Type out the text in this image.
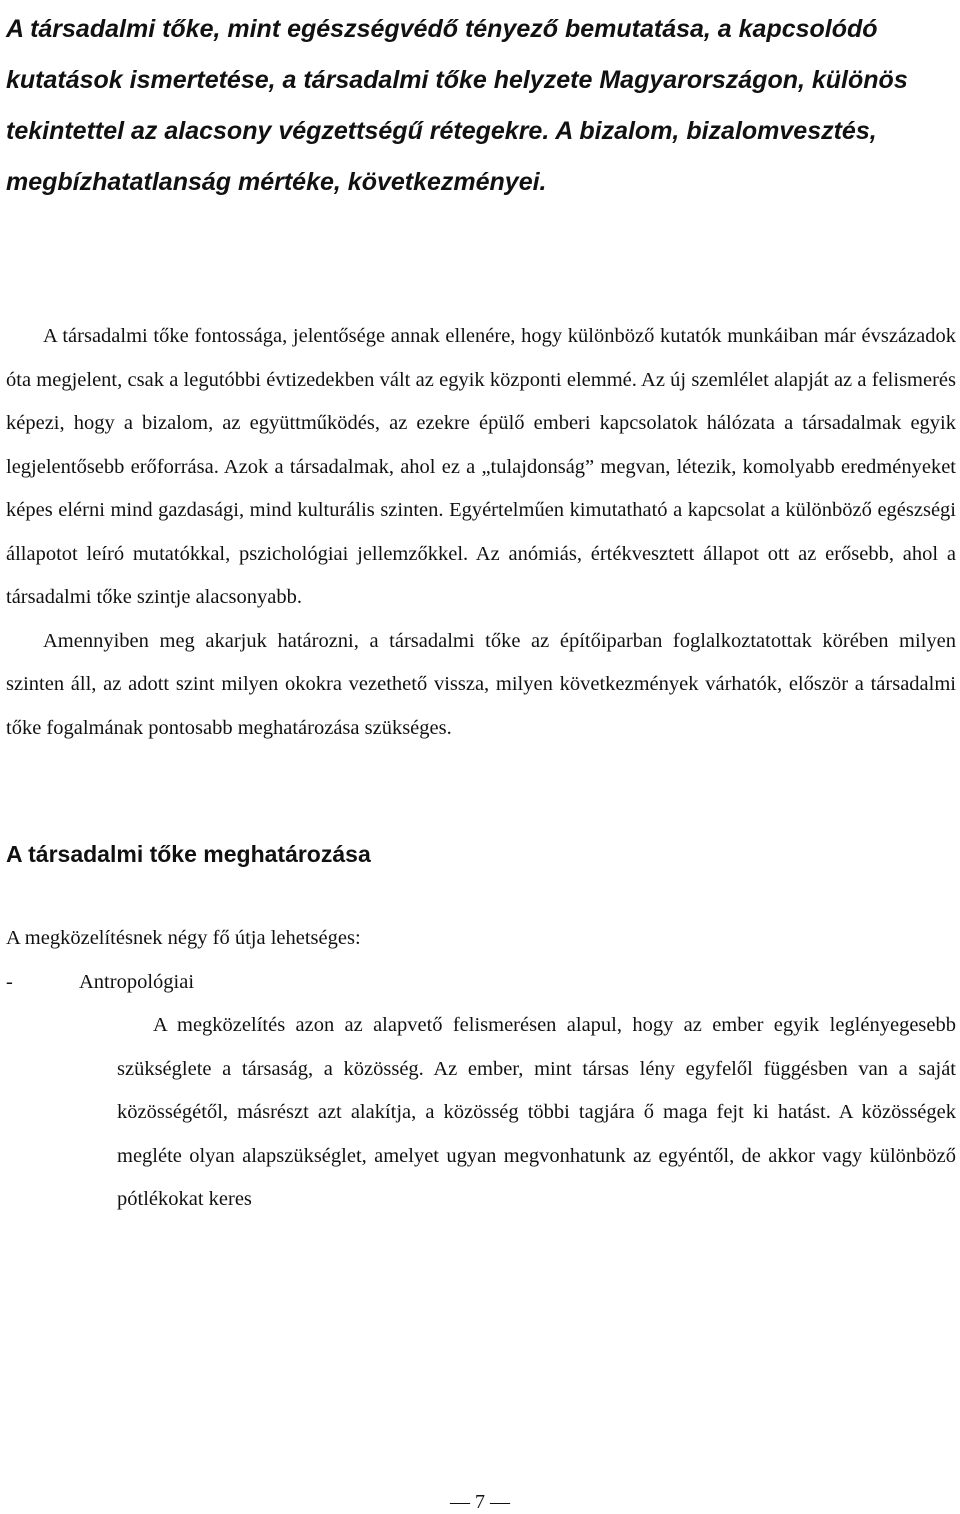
A társadalmi tőke, mint egészségvédő tényező bemutatása, a kapcsolódó kutatások ismertetése, a társadalmi tőke helyzete Magyarországon, különös tekintettel az alacsony végzettségű rétegekre. A bizalom, bizalomvesztés, megbízhatatlanság mértéke, következményei.

A társadalmi tőke fontossága, jelentősége annak ellenére, hogy különböző kutatók munkáiban már évszázadok óta megjelent, csak a legutóbbi évtizedekben vált az egyik központi elemmé. Az új szemlélet alapját az a felismerés képezi, hogy a bizalom, az együttműködés, az ezekre épülő emberi kapcsolatok hálózata a társadalmak egyik legjelentősebb erőforrása. Azok a társadalmak, ahol ez a „tulajdonság” megvan, létezik, komolyabb eredményeket képes elérni mind gazdasági, mind kulturális szinten. Egyértelműen kimutatható a kapcsolat a különböző egészségi állapotot leíró mutatókkal, pszichológiai jellemzőkkel. Az anómiás, értékvesztett állapot ott az erősebb, ahol a társadalmi tőke szintje alacsonyabb.

Amennyiben meg akarjuk határozni, a társadalmi tőke az építőiparban foglalkoztatottak körében milyen szinten áll, az adott szint milyen okokra vezethető vissza, milyen következmények várhatók, először a társadalmi tőke fogalmának pontosabb meghatározása szükséges.

A társadalmi tőke meghatározása

A megközelítésnek négy fő útja lehetséges:

-	Antropológiai

A megközelítés azon az alapvető felismerésen alapul, hogy az ember egyik leglényegesebb szükséglete a társaság, a közösség. Az ember, mint társas lény egyfelől függésben van a saját közösségétől, másrészt azt alakítja, a közösség többi tagjára ő maga fejt ki hatást. A közösségek megléte olyan alapszükséglet, amelyet ugyan megvonhatunk az egyéntől, de akkor vagy különböző pótlékokat keres

— 7 —
